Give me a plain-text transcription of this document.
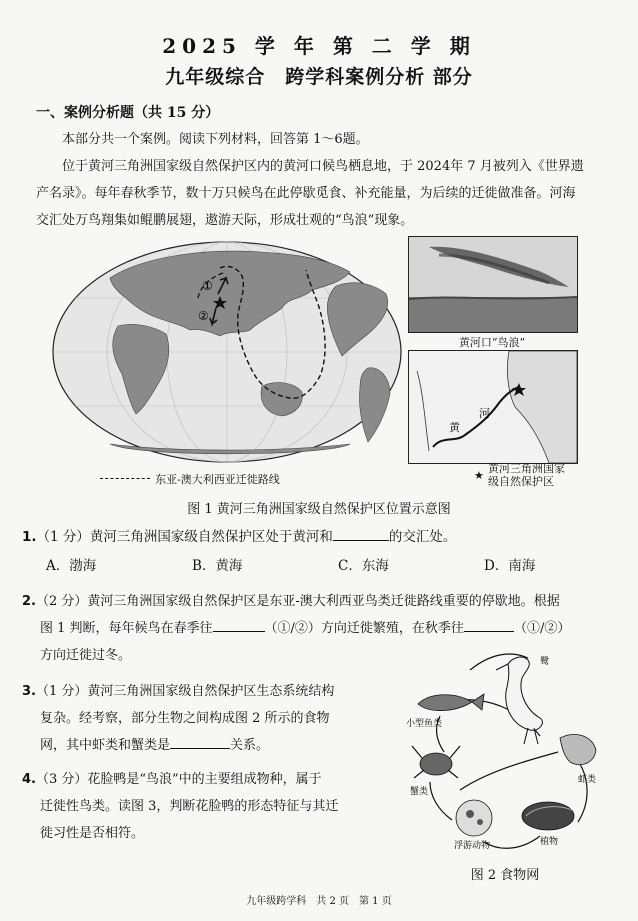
2025 学 年 第 二 学 期
九年级综合　跨学科案例分析 部分
一、案例分析题（共 15 分）
本部分共一个案例。阅读下列材料，回答第 1～6题。
位于黄河三角洲国家级自然保护区内的黄河口候鸟栖息地，于 2024年 7 月被列入《世界遗
产名录》。每年春秋季节，数十万只候鸟在此停歇觅食、补充能量，为后续的迁徙做准备。河海
交汇处万鸟翔集如鲲鹏展翅，遨游天际，形成壮观的“鸟浪”现象。
①
②
东亚-澳大利西亚迁徙路线
黄河口“鸟浪”
黄
河
★
黄河三角洲国家
级自然保护区
图 1 黄河三角洲国家级自然保护区位置示意图
1.（1 分）黄河三角洲国家级自然保护区处于黄河和	的交汇处。
A．渤海	B．黄海	C．东海	D．南海
2.（2 分）黄河三角洲国家级自然保护区是东亚-澳大利西亚鸟类迁徙路线重要的停歇地。根据
图 1 判断，每年候鸟在春季往	（①/②）方向迁徙繁殖，在秋季往	（①/②）
方向迁徙过冬。
3.（1 分）黄河三角洲国家级自然保护区生态系统结构
复杂。经考察，部分生物之间构成图 2 所示的食物
网，其中虾类和蟹类是	关系。
4.（3 分）花脸鸭是“鸟浪”中的主要组成物种，属于
迁徙性鸟类。读图 3，判断花脸鸭的形态特征与其迁
徙习性是否相符。
鹭
小型鱼类
虾类
蟹类
浮游动物	植物
图 2 食物网
九年级跨学科　共 2 页　第 1 页
